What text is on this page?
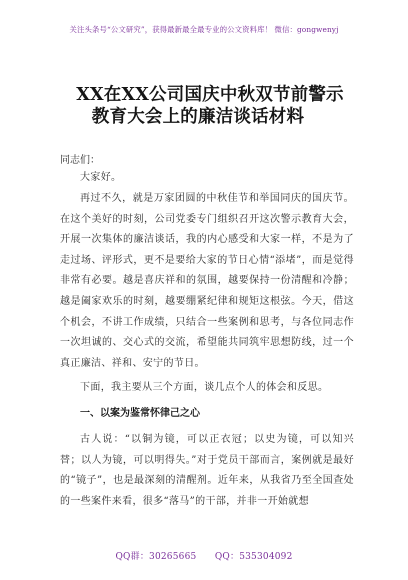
关注头条号“公文研究”，获得最新最全最专业的公文资料库！ 微信：gongwenyj
XX在XX公司国庆中秋双节前警示
教育大会上的廉洁谈话材料
同志们：
大家好。
再过不久，就是万家团圆的中秋佳节和举国同庆的国庆节。在这个美好的时刻，公司党委专门组织召开这次警示教育大会，开展一次集体的廉洁谈话，我的内心感受和大家一样，不是为了走过场、评形式，更不是要给大家的节日心情“添堵”，而是觉得非常有必要。越是喜庆祥和的氛围，越要保持一份清醒和冷静；越是阖家欢乐的时刻，越要绷紧纪律和规矩这根弦。今天，借这个机会，不讲工作成绩，只结合一些案例和思考，与各位同志作一次坦诚的、交心式的交流，希望能共同筑牢思想防线，过一个真正廉洁、祥和、安宁的节日。
下面，我主要从三个方面，谈几点个人的体会和反思。
一、以案为鉴常怀律己之心
古人说：“以铜为镜，可以正衣冠；以史为镜，可以知兴替；以人为镜，可以明得失。”对于党员干部而言，案例就是最好的“镜子”，也是最深刻的清醒剂。近年来，从我省乃至全国查处的一些案件来看，很多“落马”的干部，并非一开始就想
QQ群：30265665　　QQ：535304092
